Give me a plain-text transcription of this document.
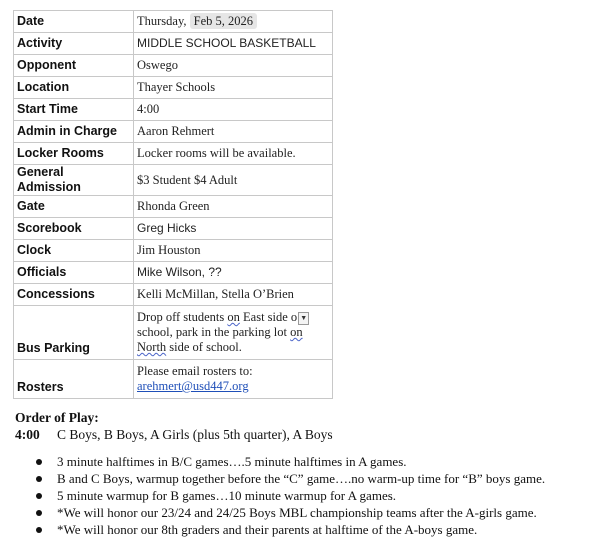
Date	Thursday, Feb 5, 2026
Activity	MIDDLE SCHOOL BASKETBALL
Opponent	Oswego
Location	Thayer Schools
Start Time	4:00
Admin in Charge	Aaron Rehmert
Locker Rooms	Locker rooms will be available.
General Admission	$3 Student $4 Adult
Gate	Rhonda Green
Scorebook	Greg Hicks
Clock	Jim Houston
Officials	Mike Wilson, ??
Concessions	Kelli McMillan, Stella O’Brien
Bus Parking	Drop off students on East side o ▼
school, park in the parking lot on
North side of school.
Rosters	Please email rosters to:
arehmert@usd447.org
Order of Play:
4:00 C Boys, B Boys, A Girls (plus 5th quarter), A Boys
3 minute halftimes in B/C games….5 minute halftimes in A games.
B and C Boys, warmup together before the “C” game….no warm-up time for “B” boys game.
5 minute warmup for B games…10 minute warmup for A games.
*We will honor our 23/24 and 24/25 Boys MBL championship teams after the A-girls game.
*We will honor our 8th graders and their parents at halftime of the A-boys game.
